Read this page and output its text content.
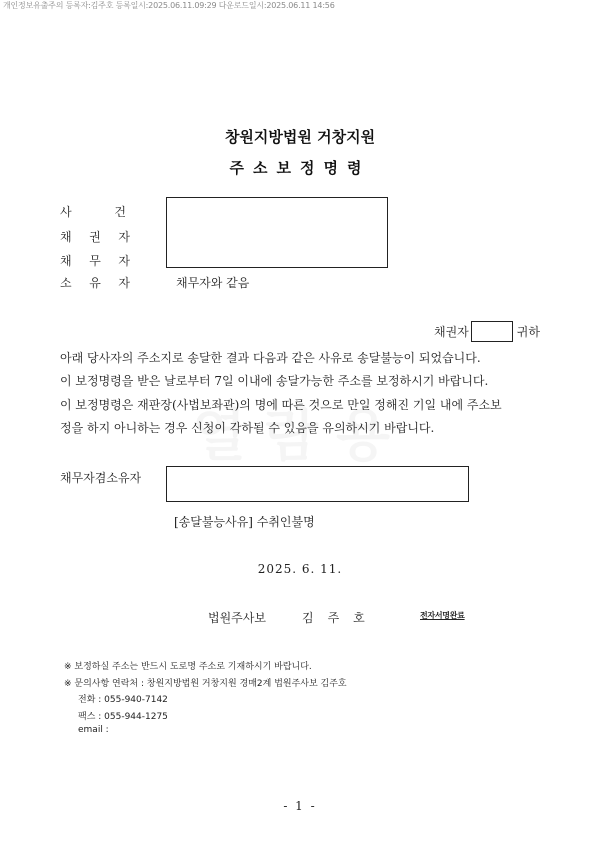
개인정보유출주의 등록자:김주호 등록일시:2025.06.11.09:29 다운로드일시:2025.06.11 14:56
창원지방법원 거창지원
주소보정명령
사	건
채 권 자
채 무 자
소 유 자	채무자와 같음
채권자	귀하
아래 당사자의 주소지로 송달한 결과 다음과 같은 사유로 송달불능이 되었습니다.
이 보정명령을 받은 날로부터 7일 이내에 송달가능한 주소를 보정하시기 바랍니다.
이 보정명령은 재판장(사법보좌관)의 명에 따른 것으로 만일 정해진 기일 내에 주소보
정을 하지 아니하는 경우 신청이 각하될 수 있음을 유의하시기 바랍니다.
채무자겸소유자
[송달불능사유] 수취인불명
2025. 6. 11.
법원주사보	김주호	전자서명완료
※ 보정하실 주소는 반드시 도로명 주소로 기재하시기 바랍니다.
※ 문의사항 연락처 : 창원지방법원 거창지원 경매2계 법원주사보 김주호
전화 : 055-940-7142
팩스 : 055-944-1275
email :
- 1 -
